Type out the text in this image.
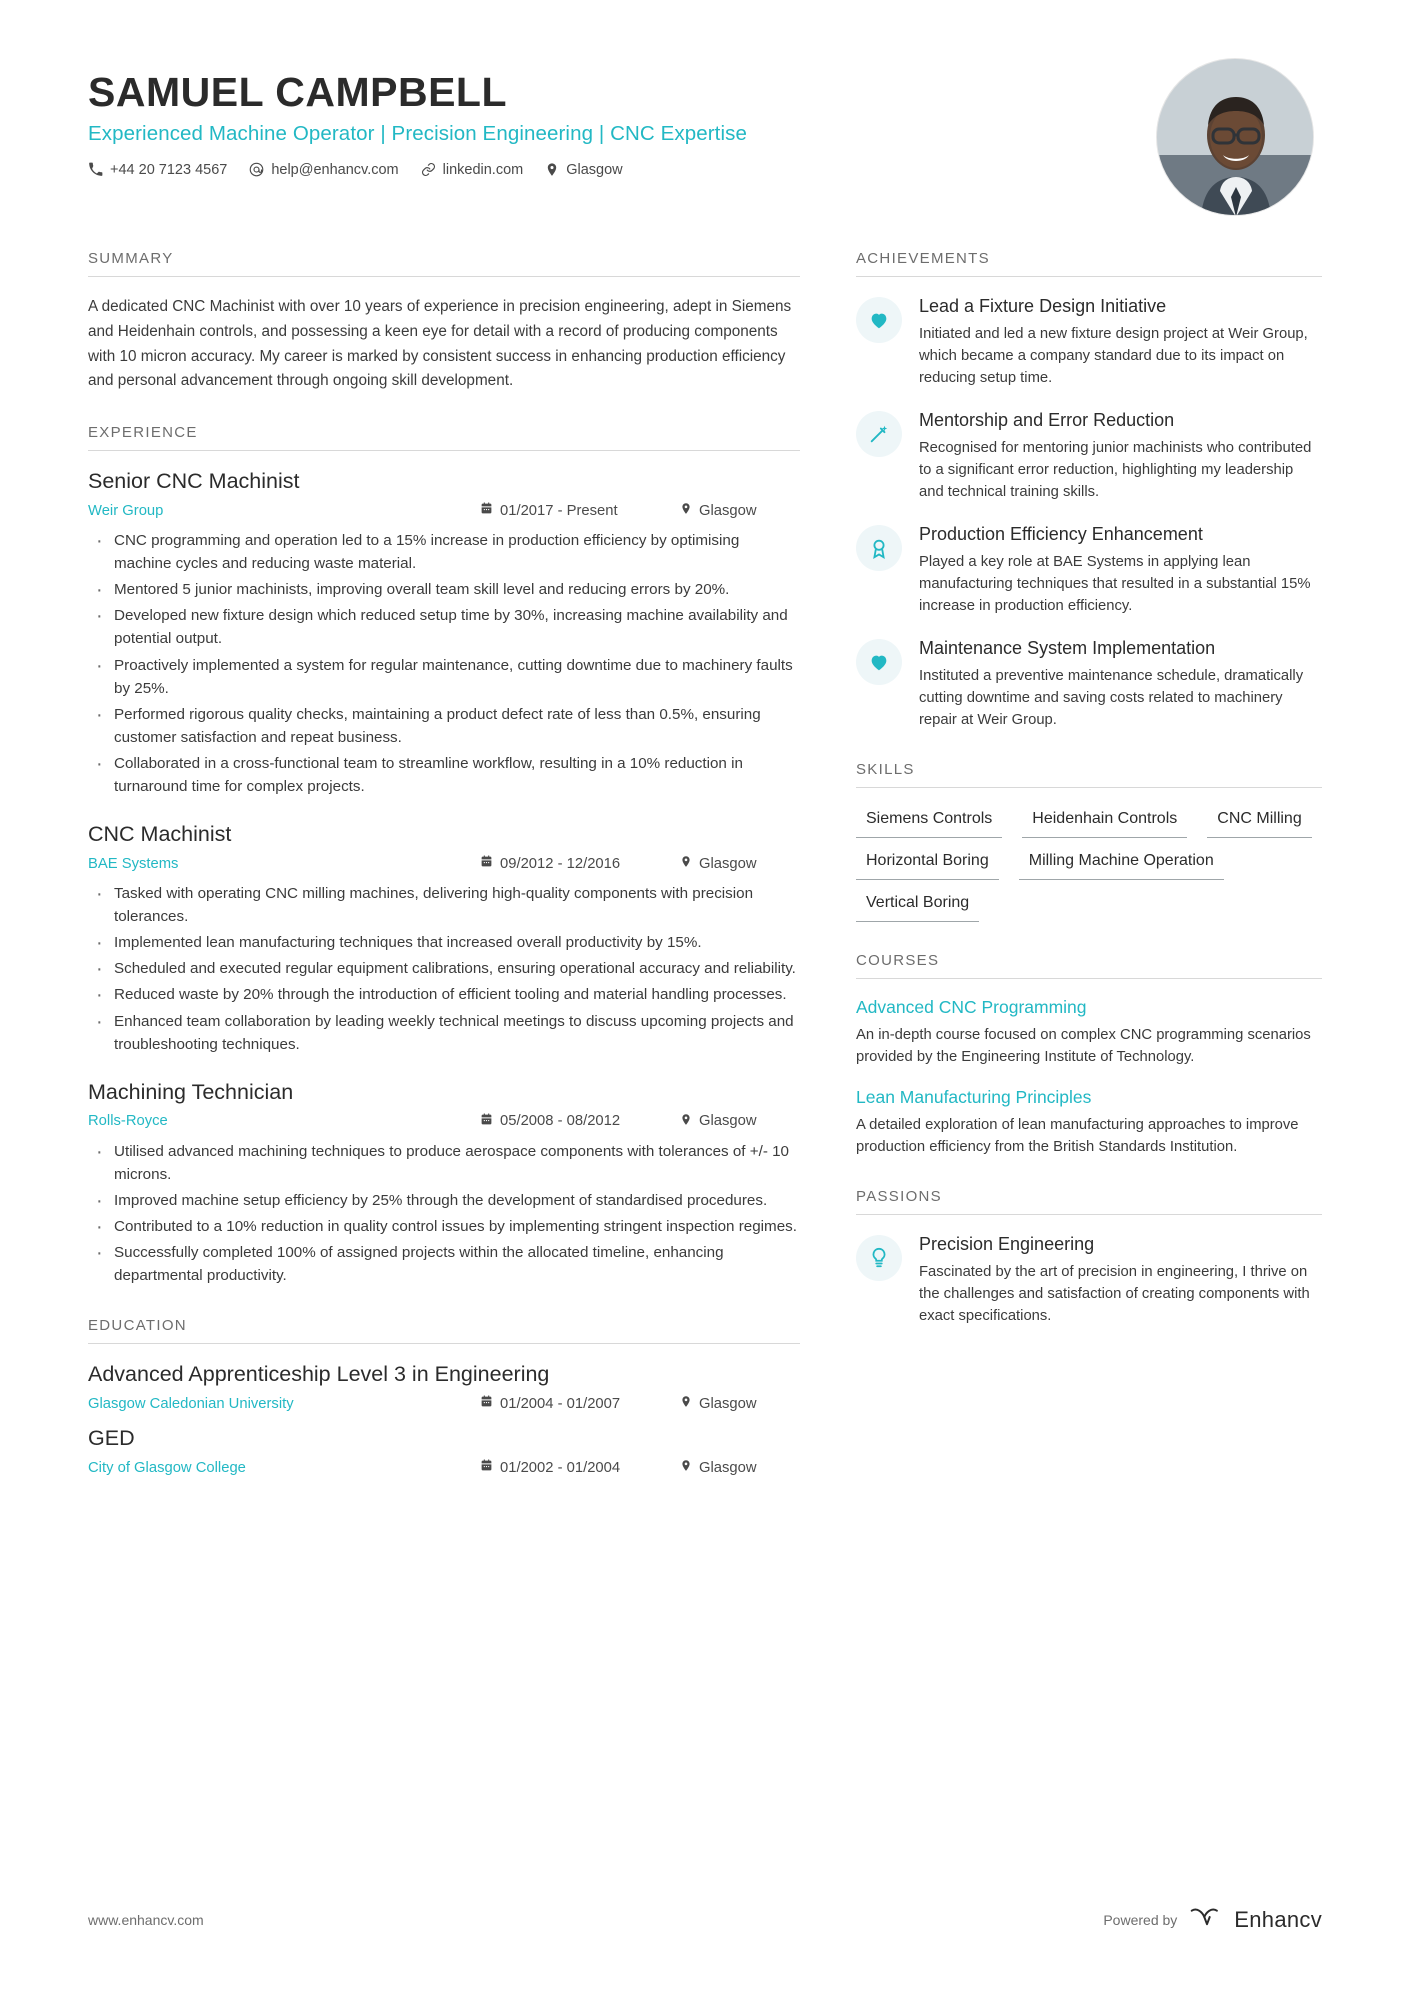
SAMUEL CAMPBELL
Experienced Machine Operator | Precision Engineering | CNC Expertise
+44 20 7123 4567	help@enhancv.com	linkedin.com	Glasgow
SUMMARY
A dedicated CNC Machinist with over 10 years of experience in precision engineering, adept in Siemens and Heidenhain controls, and possessing a keen eye for detail with a record of producing components with 10 micron accuracy. My career is marked by consistent success in enhancing production efficiency and personal advancement through ongoing skill development.
EXPERIENCE
Senior CNC Machinist
Weir Group	01/2017 - Present	Glasgow
· CNC programming and operation led to a 15% increase in production efficiency by optimising machine cycles and reducing waste material.
· Mentored 5 junior machinists, improving overall team skill level and reducing errors by 20%.
· Developed new fixture design which reduced setup time by 30%, increasing machine availability and potential output.
· Proactively implemented a system for regular maintenance, cutting downtime due to machinery faults by 25%.
· Performed rigorous quality checks, maintaining a product defect rate of less than 0.5%, ensuring customer satisfaction and repeat business.
· Collaborated in a cross-functional team to streamline workflow, resulting in a 10% reduction in turnaround time for complex projects.
CNC Machinist
BAE Systems	09/2012 - 12/2016	Glasgow
· Tasked with operating CNC milling machines, delivering high-quality components with precision tolerances.
· Implemented lean manufacturing techniques that increased overall productivity by 15%.
· Scheduled and executed regular equipment calibrations, ensuring operational accuracy and reliability.
· Reduced waste by 20% through the introduction of efficient tooling and material handling processes.
· Enhanced team collaboration by leading weekly technical meetings to discuss upcoming projects and troubleshooting techniques.
Machining Technician
Rolls-Royce	05/2008 - 08/2012	Glasgow
· Utilised advanced machining techniques to produce aerospace components with tolerances of +/- 10 microns.
· Improved machine setup efficiency by 25% through the development of standardised procedures.
· Contributed to a 10% reduction in quality control issues by implementing stringent inspection regimes.
· Successfully completed 100% of assigned projects within the allocated timeline, enhancing departmental productivity.
EDUCATION
Advanced Apprenticeship Level 3 in Engineering
Glasgow Caledonian University	01/2004 - 01/2007	Glasgow
GED
City of Glasgow College	01/2002 - 01/2004	Glasgow
ACHIEVEMENTS
Lead a Fixture Design Initiative
Initiated and led a new fixture design project at Weir Group, which became a company standard due to its impact on reducing setup time.
Mentorship and Error Reduction
Recognised for mentoring junior machinists who contributed to a significant error reduction, highlighting my leadership and technical training skills.
Production Efficiency Enhancement
Played a key role at BAE Systems in applying lean manufacturing techniques that resulted in a substantial 15% increase in production efficiency.
Maintenance System Implementation
Instituted a preventive maintenance schedule, dramatically cutting downtime and saving costs related to machinery repair at Weir Group.
SKILLS
Siemens Controls	Heidenhain Controls	CNC Milling
Horizontal Boring	Milling Machine Operation
Vertical Boring
COURSES
Advanced CNC Programming
An in-depth course focused on complex CNC programming scenarios provided by the Engineering Institute of Technology.
Lean Manufacturing Principles
A detailed exploration of lean manufacturing approaches to improve production efficiency from the British Standards Institution.
PASSIONS
Precision Engineering
Fascinated by the art of precision in engineering, I thrive on the challenges and satisfaction of creating components with exact specifications.
www.enhancv.com	Powered by	Enhancv
